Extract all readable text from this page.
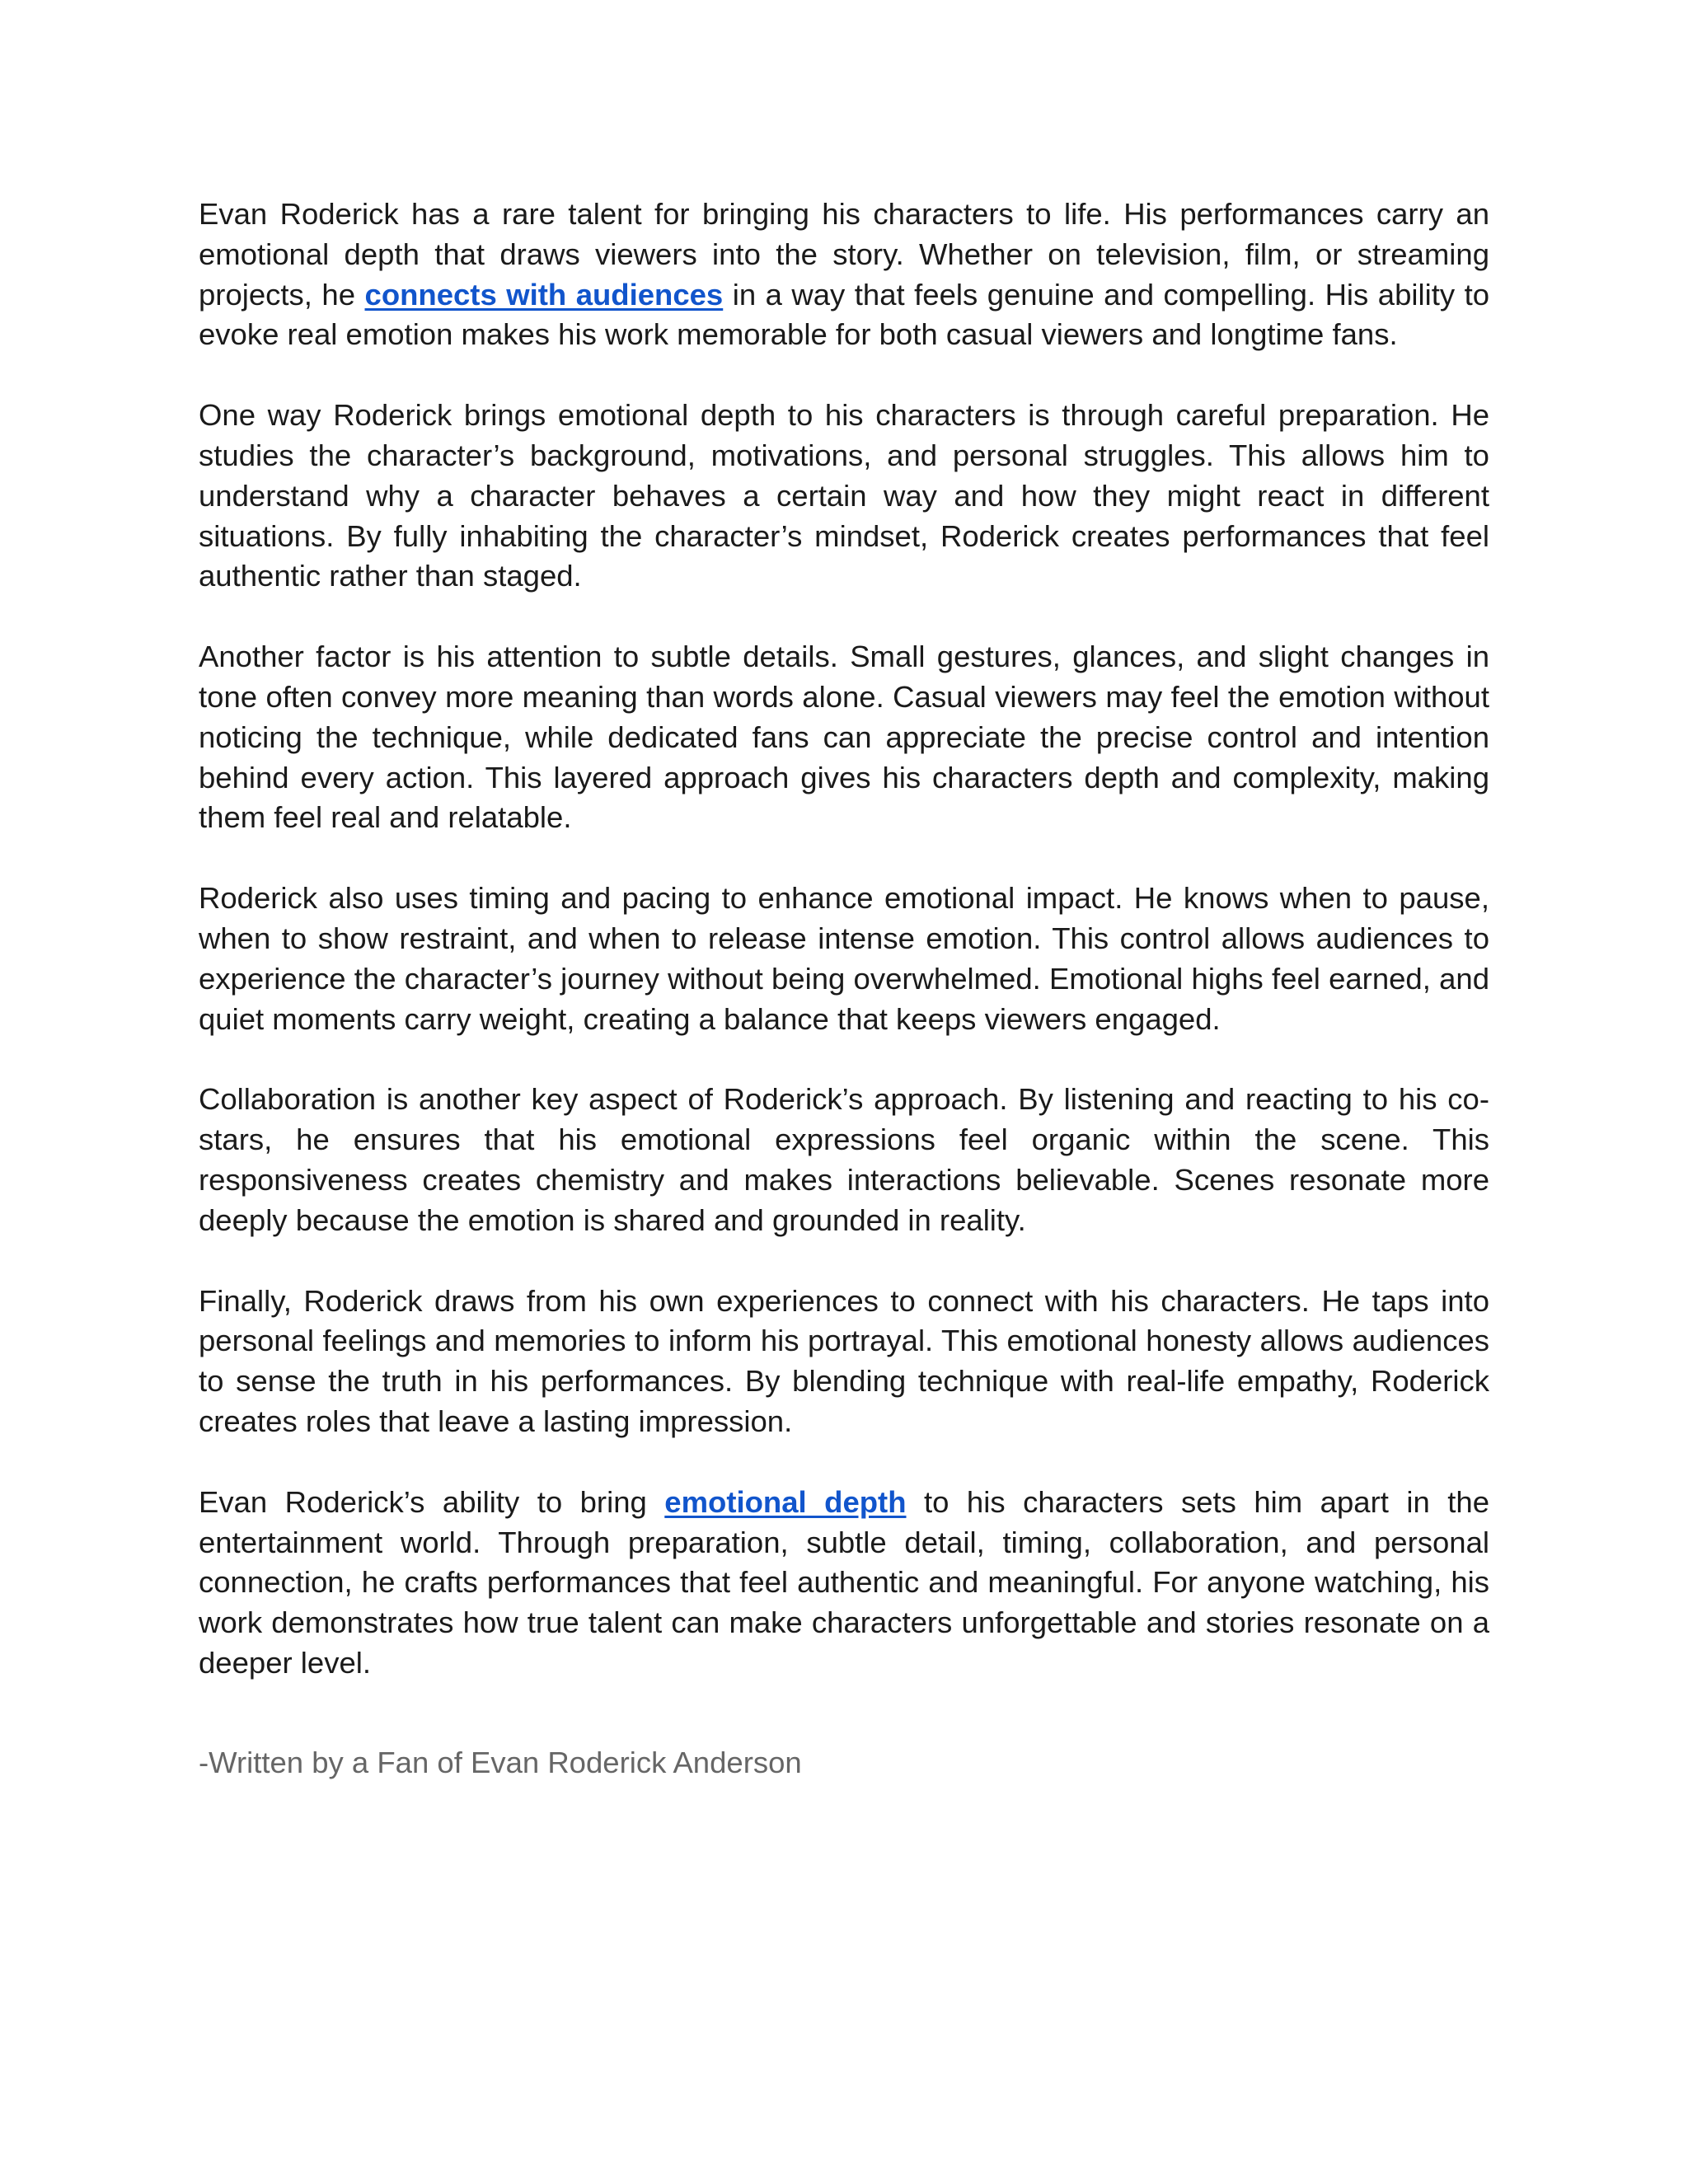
Evan Roderick has a rare talent for bringing his characters to life. His performances carry an emotional depth that draws viewers into the story. Whether on television, film, or streaming projects, he connects with audiences in a way that feels genuine and compelling. His ability to evoke real emotion makes his work memorable for both casual viewers and longtime fans.

One way Roderick brings emotional depth to his characters is through careful preparation. He studies the character’s background, motivations, and personal struggles. This allows him to understand why a character behaves a certain way and how they might react in different situations. By fully inhabiting the character’s mindset, Roderick creates performances that feel authentic rather than staged.

Another factor is his attention to subtle details. Small gestures, glances, and slight changes in tone often convey more meaning than words alone. Casual viewers may feel the emotion without noticing the technique, while dedicated fans can appreciate the precise control and intention behind every action. This layered approach gives his characters depth and complexity, making them feel real and relatable.

Roderick also uses timing and pacing to enhance emotional impact. He knows when to pause, when to show restraint, and when to release intense emotion. This control allows audiences to experience the character’s journey without being overwhelmed. Emotional highs feel earned, and quiet moments carry weight, creating a balance that keeps viewers engaged.

Collaboration is another key aspect of Roderick’s approach. By listening and reacting to his co-stars, he ensures that his emotional expressions feel organic within the scene. This responsiveness creates chemistry and makes interactions believable. Scenes resonate more deeply because the emotion is shared and grounded in reality.

Finally, Roderick draws from his own experiences to connect with his characters. He taps into personal feelings and memories to inform his portrayal. This emotional honesty allows audiences to sense the truth in his performances. By blending technique with real-life empathy, Roderick creates roles that leave a lasting impression.

Evan Roderick’s ability to bring emotional depth to his characters sets him apart in the entertainment world. Through preparation, subtle detail, timing, collaboration, and personal connection, he crafts performances that feel authentic and meaningful. For anyone watching, his work demonstrates how true talent can make characters unforgettable and stories resonate on a deeper level.

-Written by a Fan of Evan Roderick Anderson
